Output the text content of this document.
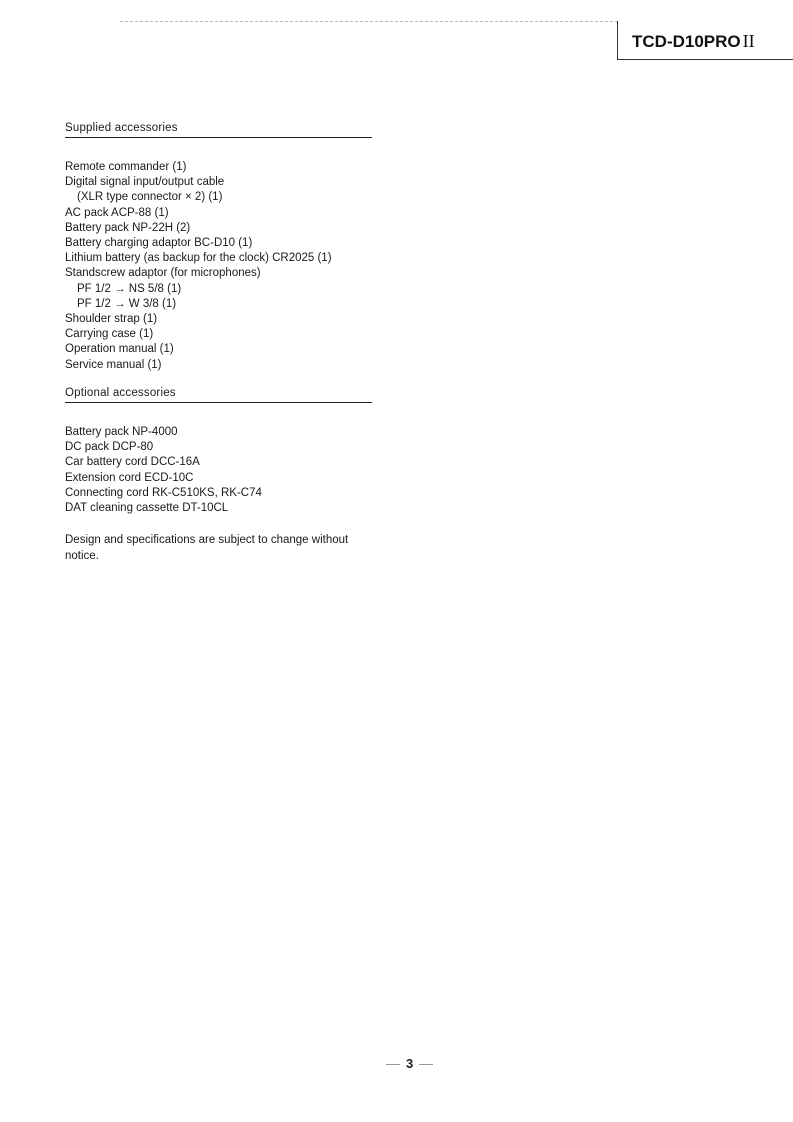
TCD-D10PRO II
Supplied accessories
Remote commander (1)
Digital signal input/output cable
(XLR type connector × 2) (1)
AC pack ACP-88 (1)
Battery pack NP-22H (2)
Battery charging adaptor BC-D10 (1)
Lithium battery (as backup for the clock) CR2025 (1)
Standscrew adaptor (for microphones)
PF 1/2 → NS 5/8 (1)
PF 1/2 → W 3/8 (1)
Shoulder strap (1)
Carrying case (1)
Operation manual (1)
Service manual (1)
Optional accessories
Battery pack NP-4000
DC pack DCP-80
Car battery cord DCC-16A
Extension cord ECD-10C
Connecting cord RK-C510KS, RK-C74
DAT cleaning cassette DT-10CL
Design and specifications are subject to change without notice.
3
